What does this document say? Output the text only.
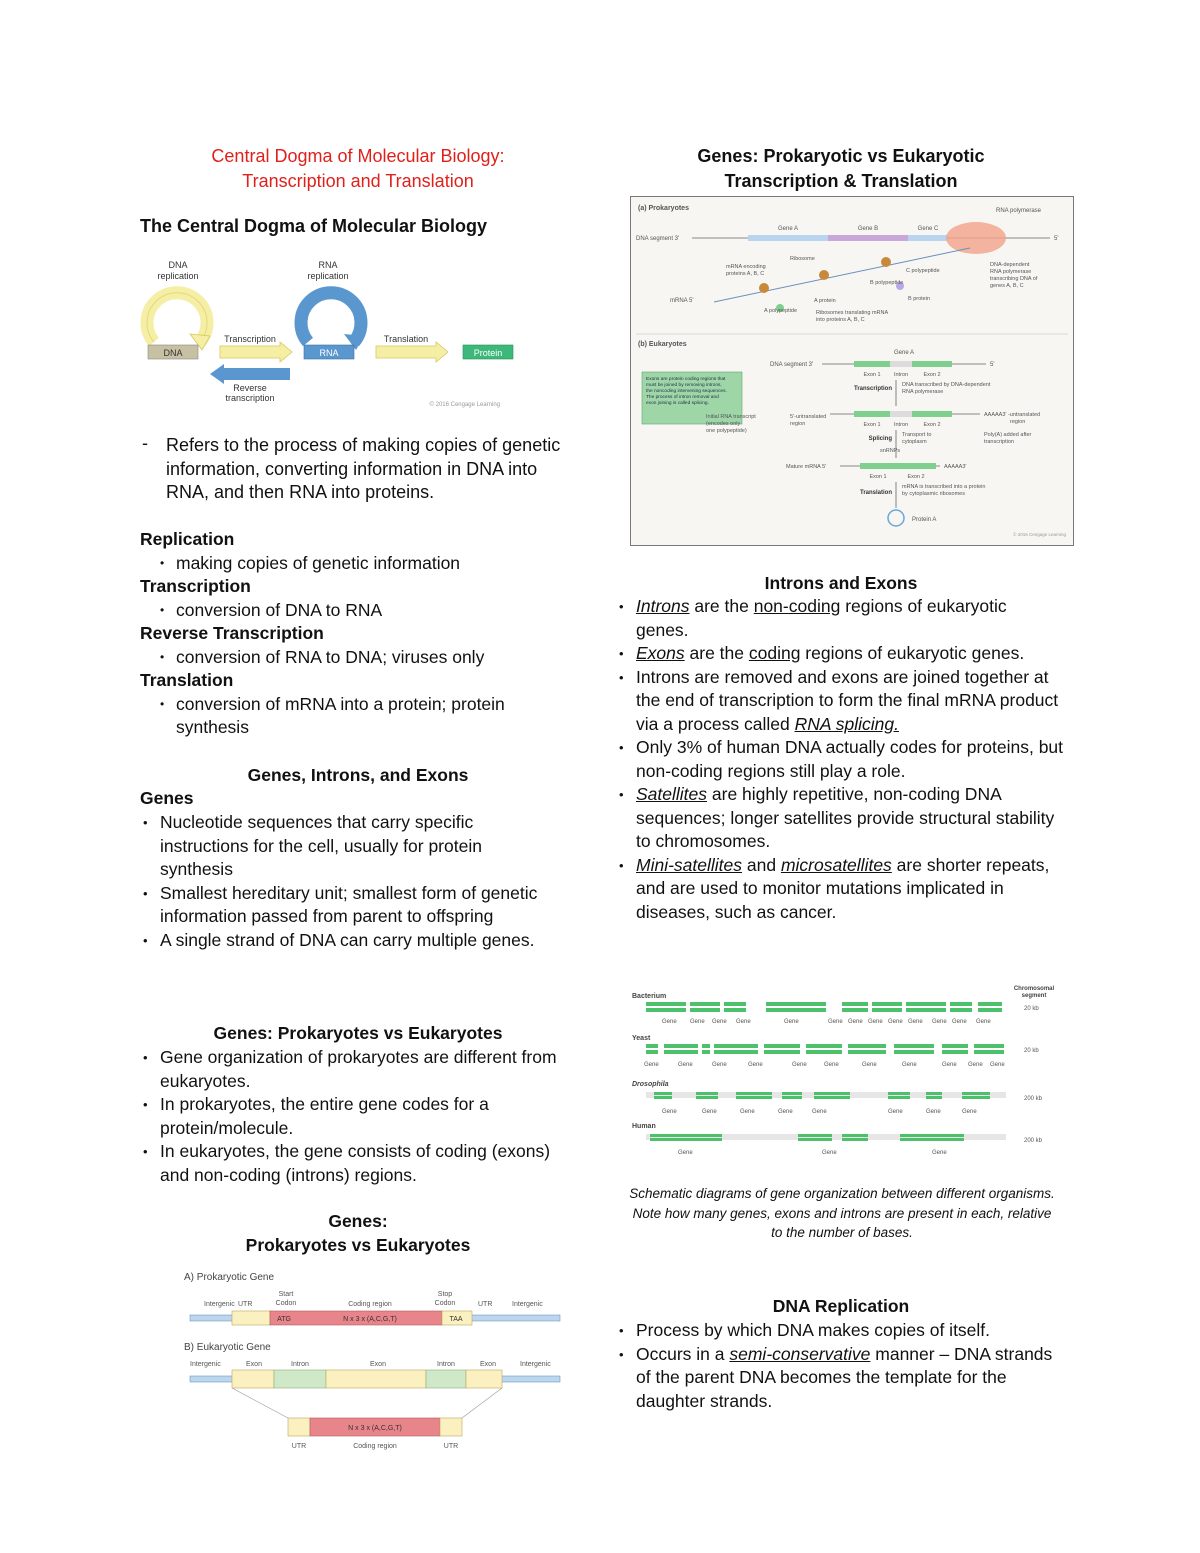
Central Dogma of Molecular Biology:
Transcription and Translation
The Central Dogma of Molecular Biology
DNA
replication
RNA
replication
DNA	RNA	Protein
Transcription	Translation
Reverse
transcription
© 2016 Cengage Learning
-	Refers to the process of making copies of genetic information, converting information in DNA into RNA, and then RNA into proteins.
Replication
• making copies of genetic information
Transcription
• conversion of DNA to RNA
Reverse Transcription
• conversion of RNA to DNA; viruses only
Translation
• conversion of mRNA into a protein; protein synthesis
Genes, Introns, and Exons
Genes
• Nucleotide sequences that carry specific instructions for the cell, usually for protein synthesis
• Smallest hereditary unit; smallest form of genetic information passed from parent to offspring
• A single strand of DNA can carry multiple genes.
Genes: Prokaryotes vs Eukaryotes
• Gene organization of prokaryotes are different from eukaryotes.
• In prokaryotes, the entire gene codes for a protein/molecule.
• In eukaryotes, the gene consists of coding (exons) and non-coding (introns) regions.
Genes:
Prokaryotes vs Eukaryotes
A) Prokaryotic Gene
Intergenic UTR
Start
Codon	Coding region
Stop
Codon	UTR	Intergenic
ATG	N x 3 x (A,C,G,T)	TAA
B) Eukaryotic Gene
Intergenic	Exon	Intron	Exon	Intron	Exon	Intergenic
N x 3 x (A,C,G,T)
UTR	Coding region	UTR
Genes: Prokaryotic vs Eukaryotic
Transcription & Translation
(a) Prokaryotes
DNA segment 3'	5'
Gene A	Gene B	Gene C
RNA polymerase
DNA-dependent
RNA polymerase
transcribing DNA of
genes A, B, C
mRNA 5'
mRNA encoding
proteins A, B, C
Ribosome
A polypeptide
A protein
B polypeptide
B protein
C polypeptide
Ribosomes translating mRNA
into proteins A, B, C
(b) Eukaryotes
DNA segment 3'	5'
Gene A
Exon 1 Intron	Exon 2
Exons are protein coding regions that
must be joined by removing introns,
the noncoding intervening sequences.
The process of intron removal and
exon joining is called splicing.
Transcription
DNA transcribed by DNA-dependent
RNA polymerase
Initial RNA transcript
(encodes only
one polypeptide)
5'-untranslated
region
AAAAA3' -untranslated
region
Exon 1 Intron	Exon 2
Splicing
snRNPs
Transport to
cytoplasm
Poly(A) added after
transcription
Mature mRNA 5'	AAAAA3'
Exon 1	Exon 2
Translation
mRNA is transcribed into a protein
by cytoplasmic ribosomes
Protein A
© 2016 Cengage Learning
Introns and Exons
• Introns are the non-coding regions of eukaryotic genes.
• Exons are the coding regions of eukaryotic genes.
• Introns are removed and exons are joined together at the end of transcription to form the final mRNA product via a process called RNA splicing.
• Only 3% of human DNA actually codes for proteins, but non-coding regions still play a role.
• Satellites are highly repetitive, non-coding DNA sequences; longer satellites provide structural stability to chromosomes.
• Mini-satellites and microsatellites are shorter repeats, and are used to monitor mutations implicated in diseases, such as cancer.
Bacterium
Chromosomal
segment
Gene Gene Gene Gene	Gene	Gene Gene Gene Gene Gene Gene Gene Gene
20 kb
Yeast
Gene	Gene	Gene	Gene	Gene	Gene	Gene	Gene	Gene Gene Gene
20 kb
Drosophila
Gene	Gene	Gene	Gene	Gene	Gene	Gene	Gene
200 kb
Human
Gene	Gene	Gene
200 kb
Schematic diagrams of gene organization between different organisms. Note how many genes, exons and introns are present in each, relative to the number of bases.
DNA Replication
• Process by which DNA makes copies of itself.
• Occurs in a semi-conservative manner – DNA strands of the parent DNA becomes the template for the daughter strands.
